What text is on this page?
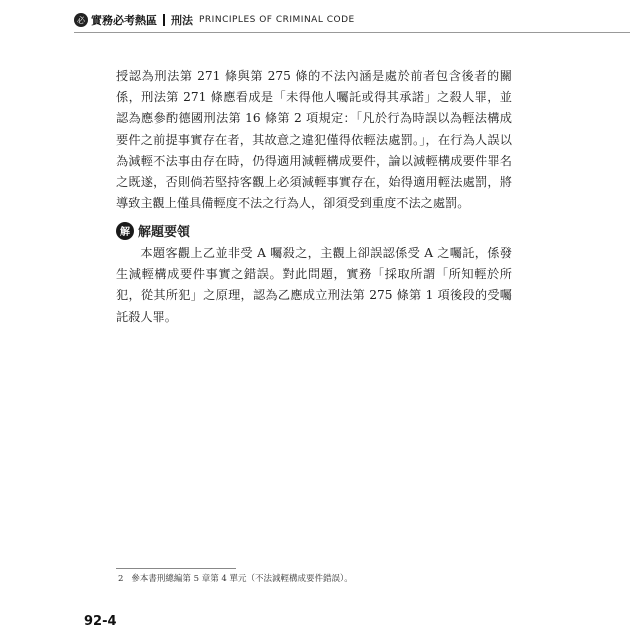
必 實務必考熱區 刑法 PRINCIPLES OF CRIMINAL CODE

授認為刑法第 271 條與第 275 條的不法內涵是處於前者包含後者的關係，刑法第 271 條應看成是「未得他人囑託或得其承諾」之殺人罪，並認為應參酌德國刑法第 16 條第 2 項規定：「凡於行為時誤以為輕法構成要件之前提事實存在者，其故意之違犯僅得依輕法處罰。」，在行為人誤以為減輕不法事由存在時，仍得適用減輕構成要件，論以減輕構成要件罪名之既遂，否則倘若堅持客觀上必須減輕事實存在，始得適用輕法處罰，將導致主觀上僅具備輕度不法之行為人，卻須受到重度不法之處罰。

解 解題要領

本題客觀上乙並非受 A 囑殺之，主觀上卻誤認係受 A 之囑託，係發生減輕構成要件事實之錯誤。對此問題，實務「採取所謂「所知輕於所犯，從其所犯」之原理，認為乙應成立刑法第 275 條第 1 項後段的受囑託殺人罪。

2 參本書刑總編第 5 章第 4 單元（不法減輕構成要件錯誤）。
92-4
